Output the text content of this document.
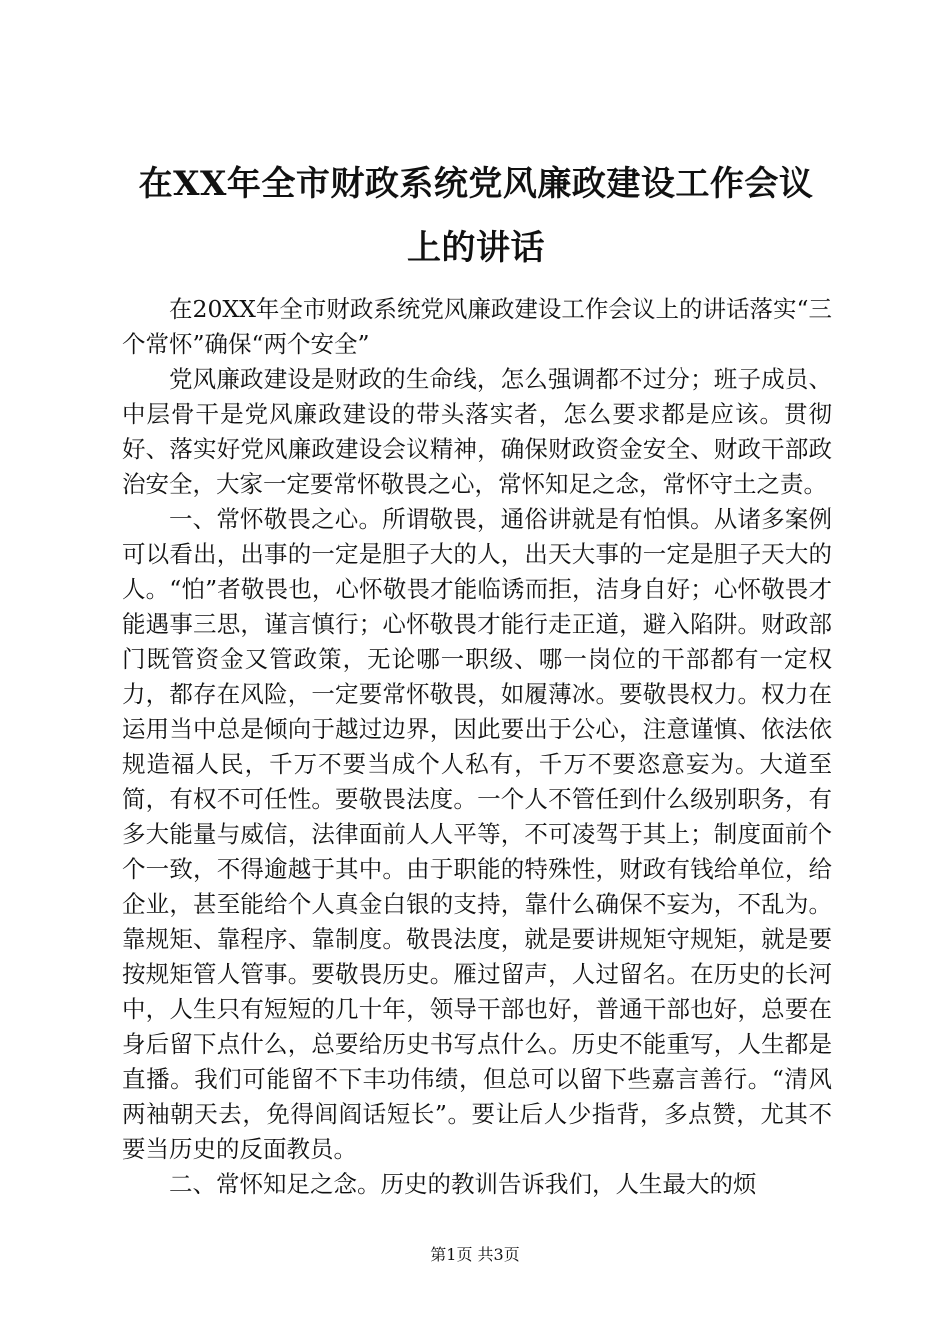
在XX年全市财政系统党风廉政建设工作会议
上的讲话

在20XX年全市财政系统党风廉政建设工作会议上的讲话落实“三个常怀”确保“两个安全”

党风廉政建设是财政的生命线，怎么强调都不过分；班子成员、中层骨干是党风廉政建设的带头落实者，怎么要求都是应该。贯彻好、落实好党风廉政建设会议精神，确保财政资金安全、财政干部政治安全，大家一定要常怀敬畏之心，常怀知足之念，常怀守土之责。

一、常怀敬畏之心。所谓敬畏，通俗讲就是有怕惧。从诸多案例可以看出，出事的一定是胆子大的人，出天大事的一定是胆子天大的人。“怕”者敬畏也，心怀敬畏才能临诱而拒，洁身自好；心怀敬畏才能遇事三思，谨言慎行；心怀敬畏才能行走正道，避入陷阱。财政部门既管资金又管政策，无论哪一职级、哪一岗位的干部都有一定权力，都存在风险，一定要常怀敬畏，如履薄冰。要敬畏权力。权力在运用当中总是倾向于越过边界，因此要出于公心，注意谨慎、依法依规造福人民，千万不要当成个人私有，千万不要恣意妄为。大道至简，有权不可任性。要敬畏法度。一个人不管任到什么级别职务，有多大能量与威信，法律面前人人平等，不可凌驾于其上；制度面前个个一致，不得逾越于其中。由于职能的特殊性，财政有钱给单位，给企业，甚至能给个人真金白银的支持，靠什么确保不妄为，不乱为。靠规矩、靠程序、靠制度。敬畏法度，就是要讲规矩守规矩，就是要按规矩管人管事。要敬畏历史。雁过留声，人过留名。在历史的长河中，人生只有短短的几十年，领导干部也好，普通干部也好，总要在身后留下点什么，总要给历史书写点什么。历史不能重写，人生都是直播。我们可能留不下丰功伟绩，但总可以留下些嘉言善行。“清风两袖朝天去，免得闾阎话短长”。要让后人少指背，多点赞，尤其不要当历史的反面教员。

二、常怀知足之念。历史的教训告诉我们，人生最大的烦

第1页 共3页
